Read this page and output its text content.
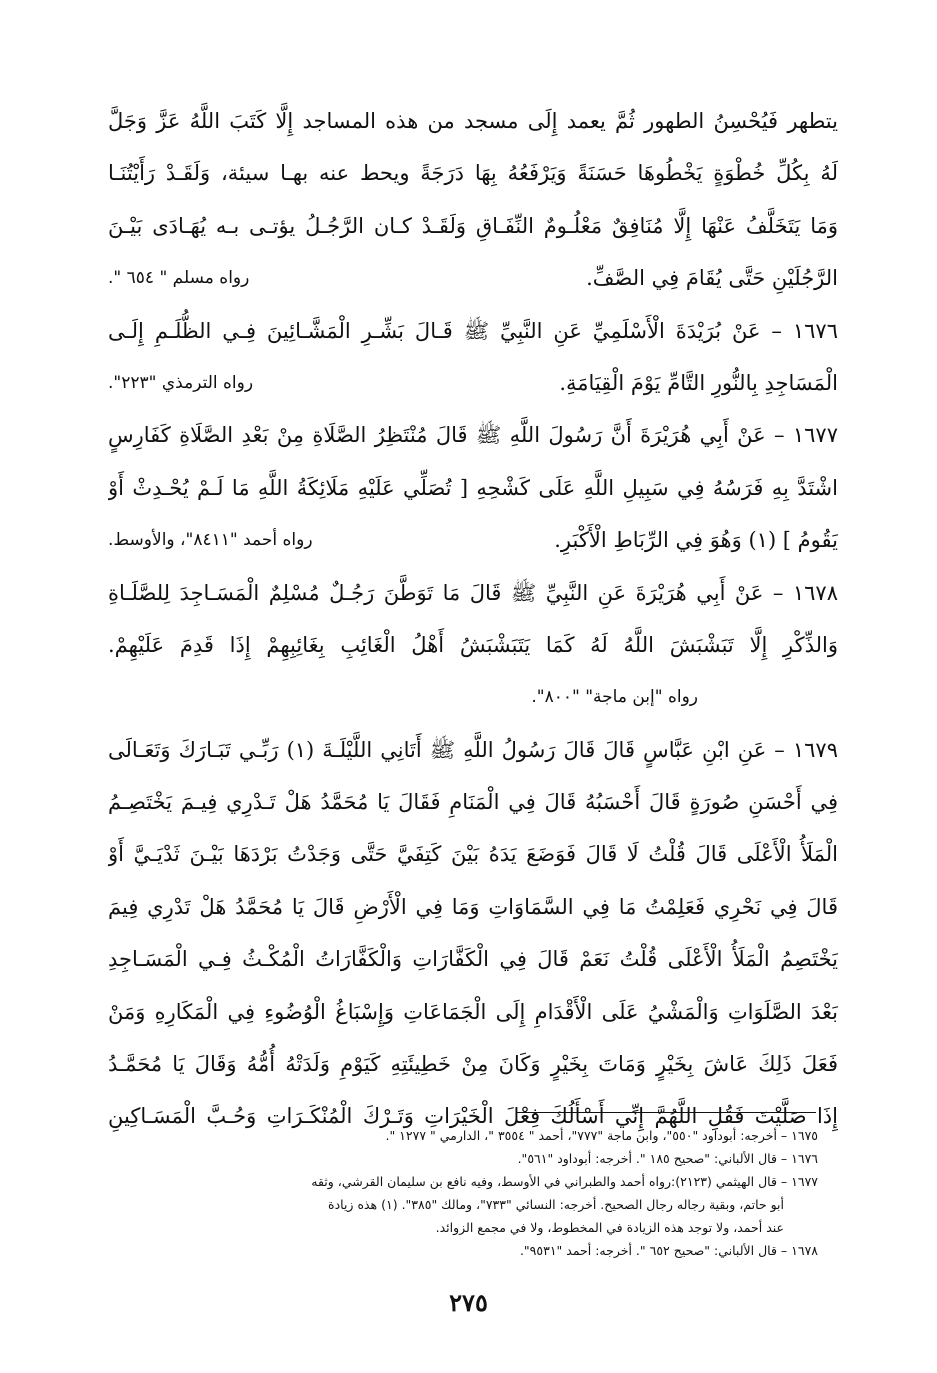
يتطهر فَيُحْسِنُ الطهور ثُمَّ يعمد إِلَى مسجد من هذه المساجد إِلَّا كَتَبَ اللَّهُ عَزَّ وَجَلَّ
لَهُ بِكُلِّ خُطْوَةٍ يَخْطُوهَا حَسَنَةً وَيَرْفَعُهُ بِهَا دَرَجَةً ويحط عنه بهـا سيئة، وَلَقَـدْ رَأَيْتُنَـا
وَمَا يَتَخَلَّفُ عَنْهَا إِلَّا مُنَافِقٌ مَعْلُـومٌ النِّفَـاقِ وَلَقَـدْ كـان الرَّجُـلُ يؤتـى بـه يُهَـادَى بَيْـنَ
الرَّجُلَيْنِ حَتَّى يُقَامَ فِي الصَّفِّ.
رواه مسلم " ٦٥٤ ".
١٦٧٦ – عَنْ بُرَيْدَةَ الْأَسْلَمِيِّ عَنِ النَّبِيِّ ﷺ قَـالَ بَشِّـرِ الْمَشَّـائِينَ فِـي الظُّلَـمِ إِلَـى
الْمَسَاجِدِ بِالنُّورِ التَّامِّ يَوْمَ الْقِيَامَةِ.
رواه الترمذي "٢٢٣".
١٦٧٧ – عَنْ أَبِي هُرَيْرَةَ أَنَّ رَسُولَ اللَّهِ ﷺ قَالَ مُنْتَظِرُ الصَّلَاةِ مِنْ بَعْدِ الصَّلَاةِ كَفَارِسٍ
اشْتَدَّ بِهِ فَرَسُهُ فِي سَبِيلِ اللَّهِ عَلَى كَشْحِهِ [ تُصَلِّي عَلَيْهِ مَلَائِكَةُ اللَّهِ مَا لَـمْ يُحْـدِثْ أَوْ
يَقُومُ ] (١) وَهُوَ فِي الرِّبَاطِ الْأَكْبَرِ.
رواه أحمد "٨٤١١"، والأوسط.
١٦٧٨ – عَنْ أَبِي هُرَيْرَةَ عَنِ النَّبِيِّ ﷺ قَالَ مَا تَوَطَّنَ رَجُـلٌ مُسْلِمٌ الْمَسَـاجِدَ لِلصَّلَـاةِ
وَالذِّكْرِ إِلَّا تَبَشْبَشَ اللَّهُ لَهُ كَمَا يَتَبَشْبَشُ أَهْلُ الْغَائِبِ بِغَائِبِهِمْ إِذَا قَدِمَ عَلَيْهِمْ.
رواه "إبن ماجة" "٨٠٠".
١٦٧٩ – عَنِ ابْنِ عَبَّاسٍ قَالَ قَالَ رَسُولُ اللَّهِ ﷺ أَتَانِي اللَّيْلَـةَ (١) رَبِّـي تَبَـارَكَ وَتَعَـالَى
فِي أَحْسَنِ صُورَةٍ قَالَ أَحْسَبُهُ قَالَ فِي الْمَنَامِ فَقَالَ يَا مُحَمَّدُ هَلْ تَـدْرِي فِيـمَ يَخْتَصِـمُ
الْمَلَأُ الْأَعْلَى قَالَ قُلْتُ لَا قَالَ فَوَضَعَ يَدَهُ بَيْنَ كَتِفَيَّ حَتَّى وَجَدْتُ بَرْدَهَا بَيْـنَ ثَدْيَـيَّ أَوْ
قَالَ فِي نَحْرِي فَعَلِمْتُ مَا فِي السَّمَاوَاتِ وَمَا فِي الْأَرْضِ قَالَ يَا مُحَمَّدُ هَلْ تَدْرِي فِيمَ
يَخْتَصِمُ الْمَلَأُ الْأَعْلَى قُلْتُ نَعَمْ قَالَ فِي الْكَفَّارَاتِ وَالْكَفَّارَاتُ الْمُكْـثُ فِـي الْمَسَـاجِدِ
بَعْدَ الصَّلَوَاتِ وَالْمَشْيُ عَلَى الْأَقْدَامِ إِلَى الْجَمَاعَاتِ وَإِسْبَاغُ الْوُضُوءِ فِي الْمَكَارِهِ وَمَنْ
فَعَلَ ذَلِكَ عَاشَ بِخَيْرٍ وَمَاتَ بِخَيْرٍ وَكَانَ مِنْ خَطِيئَتِهِ كَيَوْمِ وَلَدَتْهُ أُمُّهُ وَقَالَ يَا مُحَمَّـدُ
إِذَا صَلَّيْتَ فَقُلِ اللَّهُمَّ إِنِّي أَسْأَلُكَ فِعْلَ الْخَيْرَاتِ وَتَـرْكَ الْمُنْكَـرَاتِ وَحُـبَّ الْمَسَـاكِينِ
١٦٧٥ – أخرجه: أبوداود "٥٥٠"، وابن ماجة "٧٧٧"، أحمد " ٣٥٥٤ "، الدارمي " ١٢٧٧ ".
١٦٧٦ – قال الألباني: "صحيح ١٨٥ ". أخرجه: أبوداود "٥٦١".
١٦٧٧ – قال الهيثمي (٢١٢٣):رواه أحمد والطبراني في الأوسط، وفيه نافع بن سليمان القرشي، وثقه
أبو حاتم، وبقية رجاله رجال الصحيح. أخرجه: النسائي "٧٣٣"، ومالك "٣٨٥". (١) هذه زيادة
عند أحمد، ولا توجد هذه الزيادة في المخطوط، ولا في مجمع الزوائد.
١٦٧٨ – قال الألباني: "صحيح ٦٥٢ ". أخرجه: أحمد "٩٥٣١".
٢٧٥
